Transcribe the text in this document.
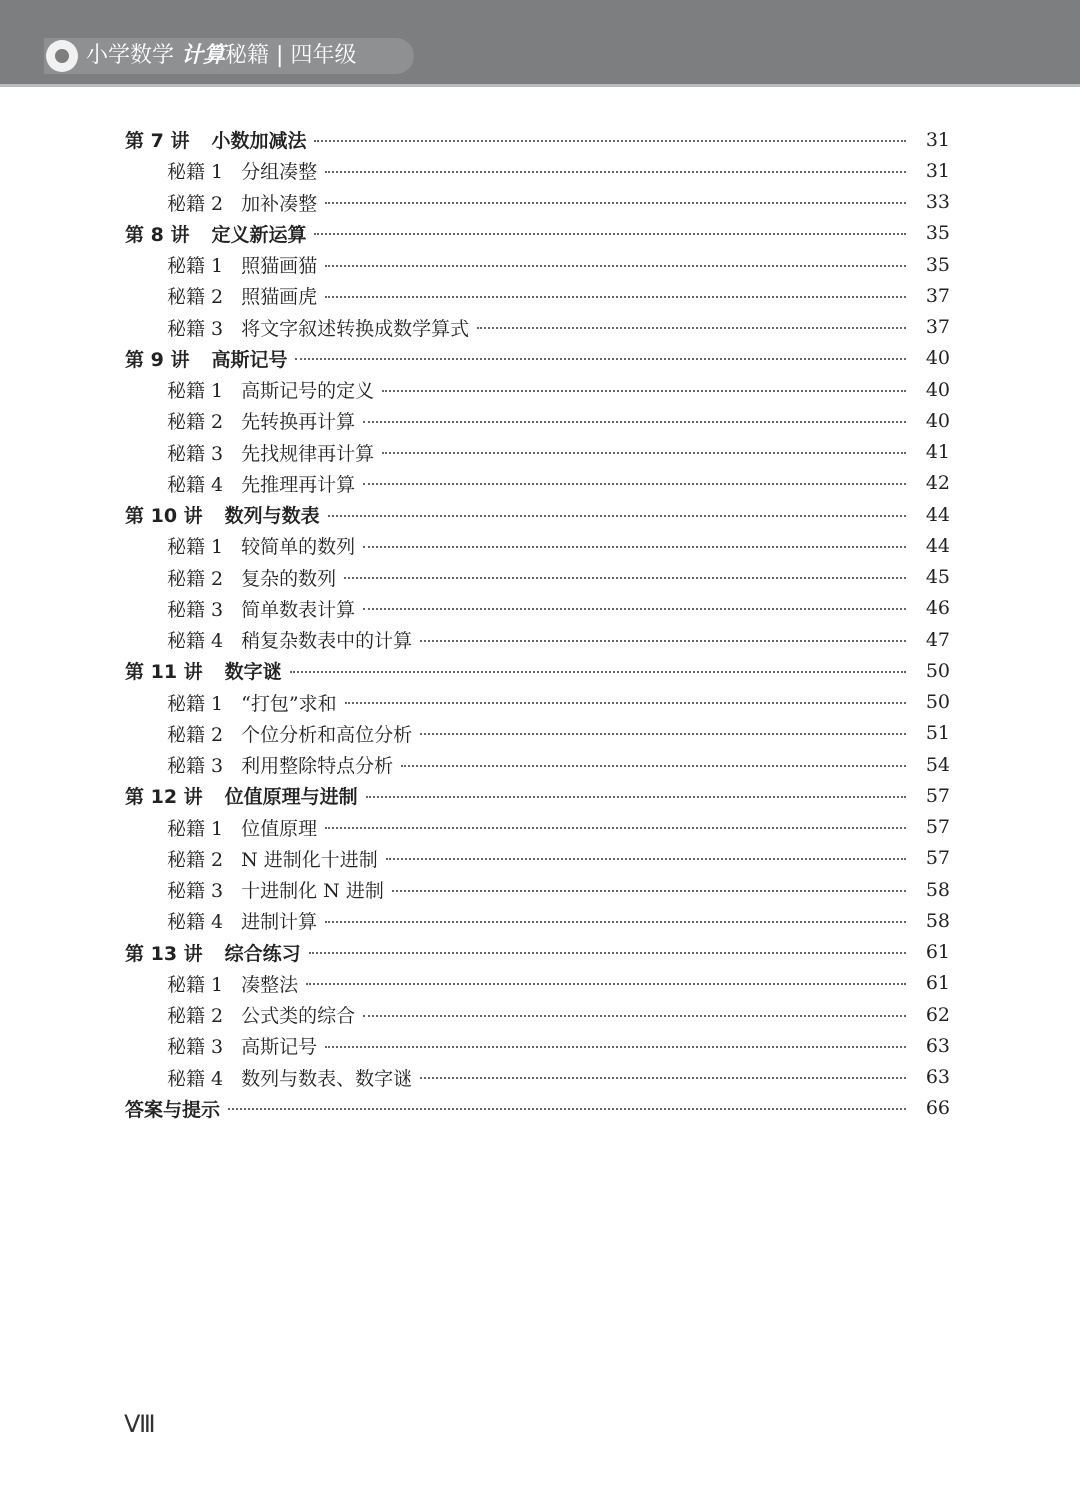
小学数学 计算秘籍 | 四年级
第 7 讲 小数加减法	31
秘籍 1 分组凑整	31
秘籍 2 加补凑整	33
第 8 讲 定义新运算	35
秘籍 1 照猫画猫	35
秘籍 2 照猫画虎	37
秘籍 3 将文字叙述转换成数学算式	37
第 9 讲 高斯记号	40
秘籍 1 高斯记号的定义	40
秘籍 2 先转换再计算	40
秘籍 3 先找规律再计算	41
秘籍 4 先推理再计算	42
第 10 讲 数列与数表	44
秘籍 1 较简单的数列	44
秘籍 2 复杂的数列	45
秘籍 3 简单数表计算	46
秘籍 4 稍复杂数表中的计算	47
第 11 讲 数字谜	50
秘籍 1 “打包”求和	50
秘籍 2 个位分析和高位分析	51
秘籍 3 利用整除特点分析	54
第 12 讲 位值原理与进制	57
秘籍 1 位值原理	57
秘籍 2 N 进制化十进制	57
秘籍 3 十进制化 N 进制	58
秘籍 4 进制计算	58
第 13 讲 综合练习	61
秘籍 1 凑整法	61
秘籍 2 公式类的综合	62
秘籍 3 高斯记号	63
秘籍 4 数列与数表、数字谜	63
答案与提示	66
Ⅷ
